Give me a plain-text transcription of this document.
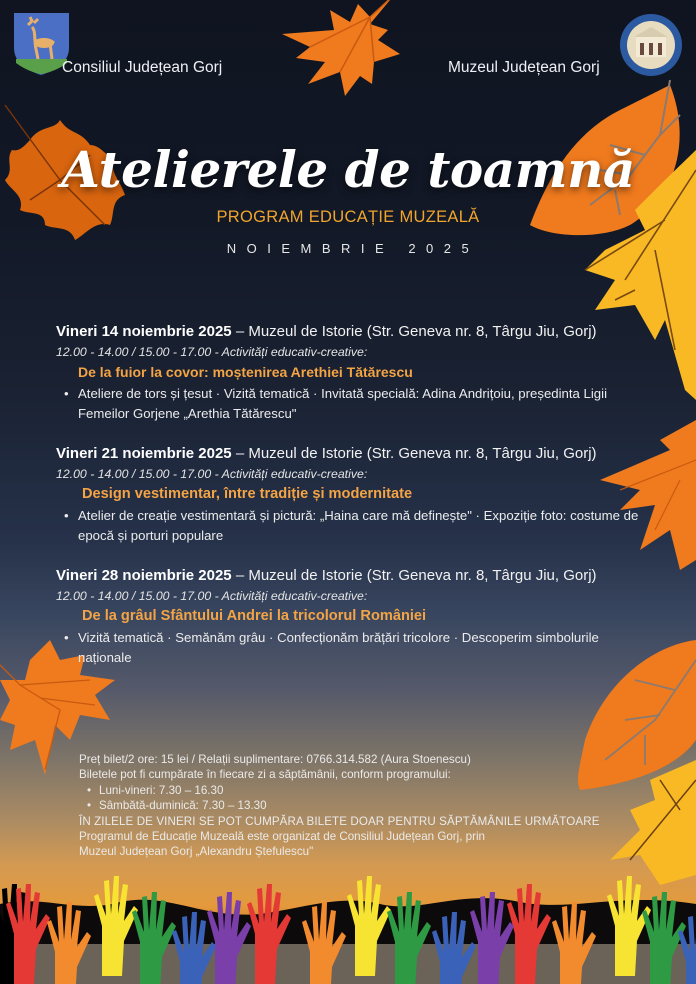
Consiliul Județean Gorj	Muzeul Județean Gorj
Atelierele de toamnă
PROGRAM EDUCAȚIE MUZEALĂ
NOIEMBRIE 2025
Vineri 14 noiembrie 2025 – Muzeul de Istorie (Str. Geneva nr. 8, Târgu Jiu, Gorj)
12.00 - 14.00 / 15.00 - 17.00 - Activități educativ-creative:
De la fuior la covor: moștenirea Arethiei Tătărescu
• Ateliere de tors și țesut · Vizită tematică · Invitată specială: Adina Andrițoiu, președinta Ligii Femeilor Gorjene „Arethia Tătărescu"
Vineri 21 noiembrie 2025 – Muzeul de Istorie (Str. Geneva nr. 8, Târgu Jiu, Gorj)
12.00 - 14.00 / 15.00 - 17.00 - Activități educativ-creative:
Design vestimentar, între tradiție și modernitate
• Atelier de creație vestimentară și pictură: „Haina care mă definește" · Expoziție foto: costume de epocă și porturi populare
Vineri 28 noiembrie 2025 – Muzeul de Istorie (Str. Geneva nr. 8, Târgu Jiu, Gorj)
12.00 - 14.00 / 15.00 - 17.00 - Activități educativ-creative:
De la grâul Sfântului Andrei la tricolorul României
• Vizită tematică · Semănăm grâu · Confecționăm brățări tricolore · Descoperim simbolurile naționale
Preț bilet/2 ore: 15 lei / Relații suplimentare: 0766.314.582 (Aura Stoenescu)
Biletele pot fi cumpărate în fiecare zi a săptămânii, conform programului:
• Luni-vineri: 7.30 – 16.30
• Sâmbătă-duminică: 7.30 – 13.30
ÎN ZILELE DE VINERI SE POT CUMPĂRA BILETE DOAR PENTRU SĂPTĂMÂNILE URMĂTOARE
Programul de Educație Muzeală este organizat de Consiliul Județean Gorj, prin
Muzeul Județean Gorj „Alexandru Ștefulescu"
